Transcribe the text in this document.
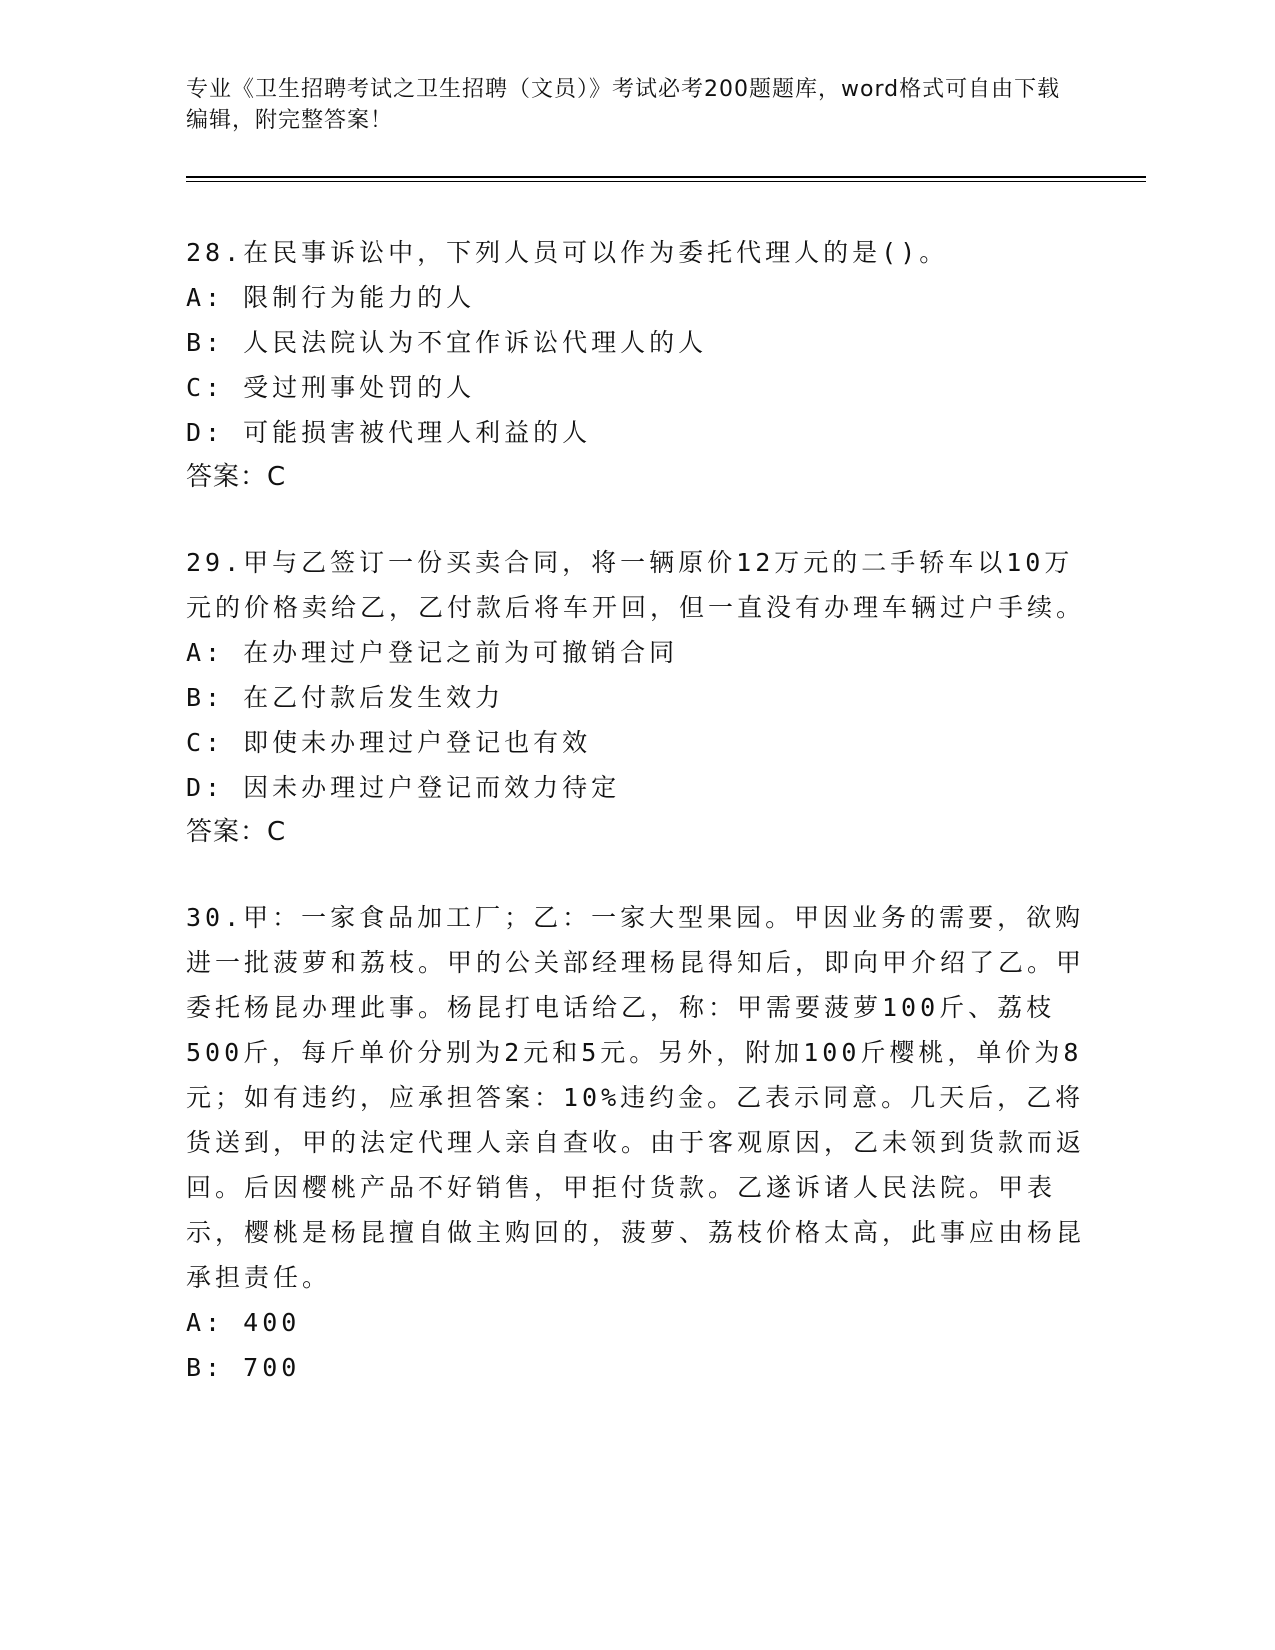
专业《卫生招聘考试之卫生招聘（文员）》考试必考200题题库，word格式可自由下载编辑，附完整答案！

28.在民事诉讼中，下列人员可以作为委托代理人的是()。

A: 限制行为能力的人

B: 人民法院认为不宜作诉讼代理人的人

C: 受过刑事处罚的人

D: 可能损害被代理人利益的人

答案：C

29.甲与乙签订一份买卖合同，将一辆原价12万元的二手轿车以10万元的价格卖给乙，乙付款后将车开回，但一直没有办理车辆过户手续。

A: 在办理过户登记之前为可撤销合同

B: 在乙付款后发生效力

C: 即使未办理过户登记也有效

D: 因未办理过户登记而效力待定

答案：C

30.甲：一家食品加工厂；乙：一家大型果园。甲因业务的需要，欲购进一批菠萝和荔枝。甲的公关部经理杨昆得知后，即向甲介绍了乙。甲委托杨昆办理此事。杨昆打电话给乙，称：甲需要菠萝100斤、荔枝500斤，每斤单价分别为2元和5元。另外，附加100斤樱桃，单价为8元；如有违约，应承担答案：10%违约金。乙表示同意。几天后，乙将货送到，甲的法定代理人亲自查收。由于客观原因，乙未领到货款而返回。后因樱桃产品不好销售，甲拒付货款。乙遂诉诸人民法院。甲表示，樱桃是杨昆擅自做主购回的，菠萝、荔枝价格太高，此事应由杨昆承担责任。

A: 400

B: 700
